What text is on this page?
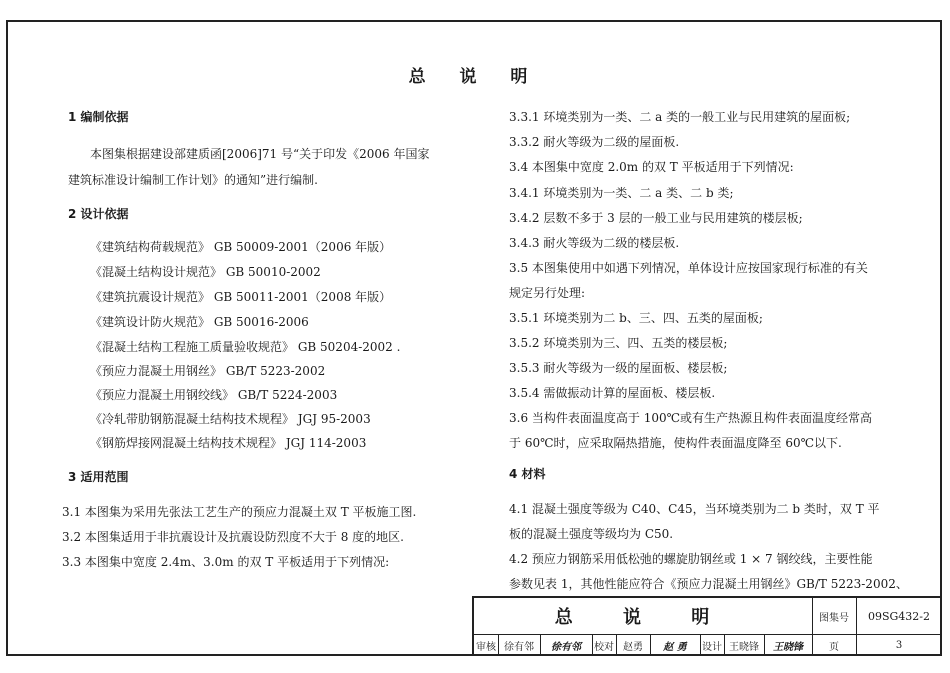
总 说 明
1 编制依据
本图集根据建设部建质函[2006]71 号“关于印发《2006 年国家
建筑标准设计编制工作计划》的通知”进行编制.
2 设计依据
《建筑结构荷载规范》 GB 50009-2001（2006 年版）
《混凝土结构设计规范》 GB 50010-2002
《建筑抗震设计规范》 GB 50011-2001（2008 年版）
《建筑设计防火规范》 GB 50016-2006
《混凝土结构工程施工质量验收规范》 GB 50204-2002 .
《预应力混凝土用钢丝》 GB/T 5223-2002
《预应力混凝土用钢绞线》 GB/T 5224-2003
《冷轧带肋钢筋混凝土结构技术规程》 JGJ 95-2003
《钢筋焊接网混凝土结构技术规程》 JGJ 114-2003
3 适用范围
3.1 本图集为采用先张法工艺生产的预应力混凝土双 T 平板施工图.
3.2 本图集适用于非抗震设计及抗震设防烈度不大于 8 度的地区.
3.3 本图集中宽度 2.4m、3.0m 的双 T 平板适用于下列情况:
3.3.1 环境类别为一类、二 a 类的一般工业与民用建筑的屋面板;
3.3.2 耐火等级为二级的屋面板.
3.4 本图集中宽度 2.0m 的双 T 平板适用于下列情况:
3.4.1 环境类别为一类、二 a 类、二 b 类;
3.4.2 层数不多于 3 层的一般工业与民用建筑的楼层板;
3.4.3 耐火等级为二级的楼层板.
3.5 本图集使用中如遇下列情况，单体设计应按国家现行标准的有关
规定另行处理:
3.5.1 环境类别为二 b、三、四、五类的屋面板;
3.5.2 环境类别为三、四、五类的楼层板;
3.5.3 耐火等级为一级的屋面板、楼层板;
3.5.4 需做振动计算的屋面板、楼层板.
3.6 当构件表面温度高于 100℃或有生产热源且构件表面温度经常高
于 60℃时，应采取隔热措施，使构件表面温度降至 60℃以下.
4 材料
4.1 混凝土强度等级为 C40、C45，当环境类别为二 b 类时，双 T 平
板的混凝土强度等级均为 C50.
4.2 预应力钢筋采用低松弛的螺旋肋钢丝或 1 × 7 钢绞线，主要性能
参数见表 1，其他性能应符合《预应力混凝土用钢丝》GB/T 5223-2002、
总 说 明	图集号	09SG432-2
审核 徐有邻	徐有邻	校对 赵勇	赵 勇	设计 王晓锋	王晓锋	页	3
